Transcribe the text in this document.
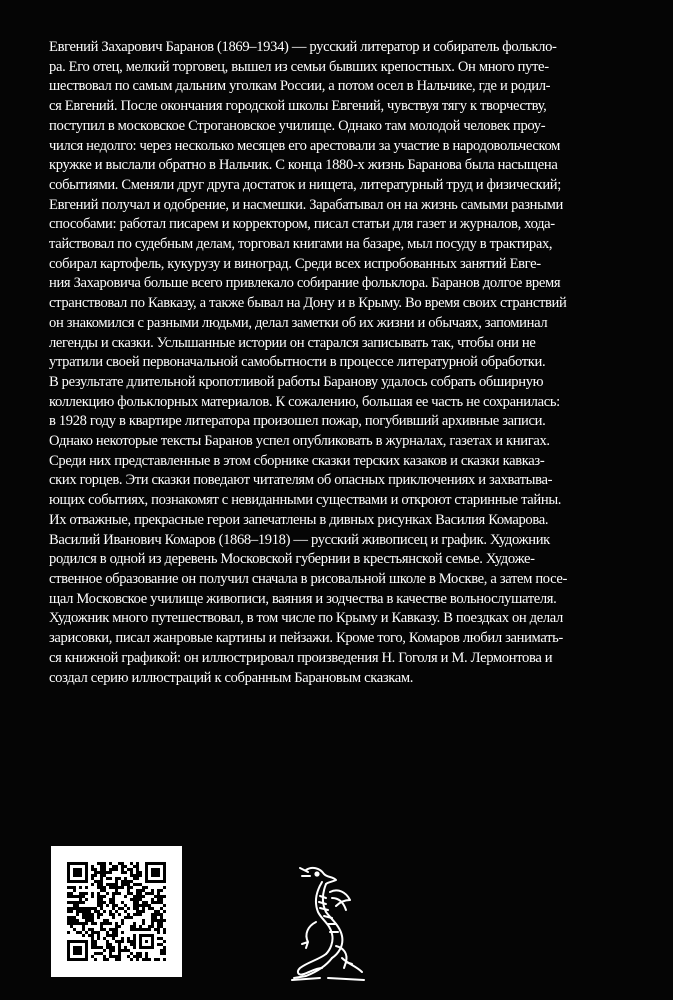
Евгений Захарович Баранов (1869–1934) — русский литератор и собиратель фолькло-

ра. Его отец, мелкий торговец, вышел из семьи бывших крепостных. Он много путе-

шествовал по самым дальним уголкам России, а потом осел в Нальчике, где и родил-

ся Евгений. После окончания городской школы Евгений, чувствуя тягу к творчеству,

поступил в московское Строгановское училище. Однако там молодой человек проу-

чился недолго: через несколько месяцев его арестовали за участие в народовольческом

кружке и выслали обратно в Нальчик. С конца 1880-х жизнь Баранова была насыщена

событиями. Сменяли друг друга достаток и нищета, литературный труд и физический;

Евгений получал и одобрение, и насмешки. Зарабатывал он на жизнь самыми разными

способами: работал писарем и корректором, писал статьи для газет и журналов, хода-

тайствовал по судебным делам, торговал книгами на базаре, мыл посуду в трактирах,

собирал картофель, кукурузу и виноград. Среди всех испробованных занятий Евге-

ния Захаровича больше всего привлекало собирание фольклора. Баранов долгое время

странствовал по Кавказу, а также бывал на Дону и в Крыму. Во время своих странствий

он знакомился с разными людьми, делал заметки об их жизни и обычаях, запоминал

легенды и сказки. Услышанные истории он старался записывать так, чтобы они не

утратили своей первоначальной самобытности в процессе литературной обработки.

В результате длительной кропотливой работы Баранову удалось собрать обширную

коллекцию фольклорных материалов. К сожалению, большая ее часть не сохранилась:

в 1928 году в квартире литератора произошел пожар, погубивший архивные записи.

Однако некоторые тексты Баранов успел опубликовать в журналах, газетах и книгах.

Среди них представленные в этом сборнике сказки терских казаков и сказки кавказ-

ских горцев. Эти сказки поведают читателям об опасных приключениях и захватыва-

ющих событиях, познакомят с невиданными существами и откроют старинные тайны.

Их отважные, прекрасные герои запечатлены в дивных рисунках Василия Комарова.

Василий Иванович Комаров (1868–1918) — русский живописец и график. Художник

родился в одной из деревень Московской губернии в крестьянской семье. Художе-

ственное образование он получил сначала в рисовальной школе в Москве, а затем посе-

щал Московское училище живописи, ваяния и зодчества в качестве вольнослушателя.

Художник много путешествовал, в том числе по Крыму и Кавказу. В поездках он делал

зарисовки, писал жанровые картины и пейзажи. Кроме того, Комаров любил занимать-

ся книжной графикой: он иллюстрировал произведения Н. Гоголя и М. Лермонтова и

создал серию иллюстраций к собранным Барановым сказкам.
